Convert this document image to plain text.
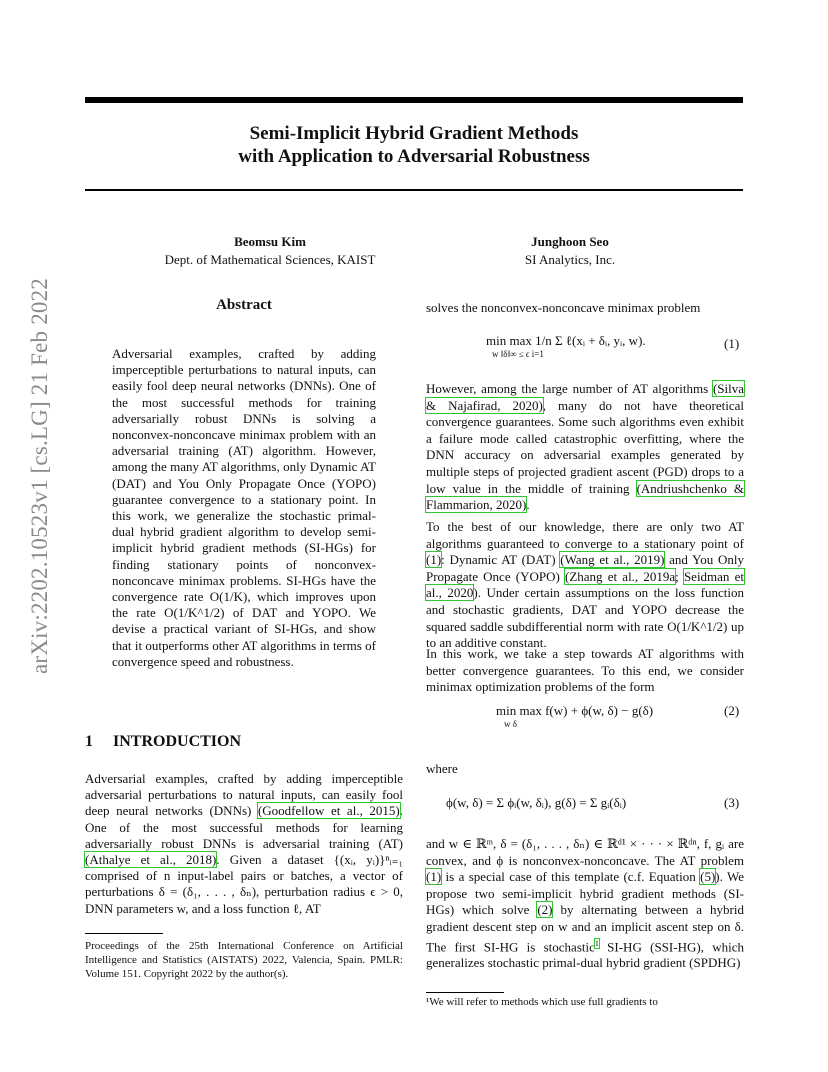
Semi-Implicit Hybrid Gradient Methods
with Application to Adversarial Robustness
Beomsu Kim
Dept. of Mathematical Sciences, KAIST
Junghoon Seo
SI Analytics, Inc.
arXiv:2202.10523v1 [cs.LG] 21 Feb 2022	Abstract

Adversarial examples, crafted by adding imperceptible perturbations to natural inputs, can easily fool deep neural networks (DNNs). One of the most successful methods for training adversarially robust DNNs is solving a nonconvex-nonconcave minimax problem with an adversarial training (AT) algorithm. However, among the many AT algorithms, only Dynamic AT (DAT) and You Only Propagate Once (YOPO) guarantee convergence to a stationary point. In this work, we generalize the stochastic primal-dual hybrid gradient algorithm to develop semi-implicit hybrid gradient methods (SI-HGs) for finding stationary points of nonconvex-nonconcave minimax problems. SI-HGs have the convergence rate O(1/K), which improves upon the rate O(1/K^1/2) of DAT and YOPO. We devise a practical variant of SI-HGs, and show that it outperforms other AT algorithms in terms of convergence speed and robustness.

1 INTRODUCTION

Adversarial examples, crafted by adding imperceptible adversarial perturbations to natural inputs, can easily fool deep neural networks (DNNs) (Goodfellow et al., 2015). One of the most successful methods for learning adversarially robust DNNs is adversarial training (AT) (Athalye et al., 2018). Given a dataset {(xᵢ, yᵢ)}ⁿᵢ₌₁ comprised of n input-label pairs or batches, a vector of perturbations δ = (δ₁, . . . , δₙ), perturbation radius ϵ > 0, DNN parameters w, and a loss function ℓ, AT

Proceedings of the 25th International Conference on Artificial Intelligence and Statistics (AISTATS) 2022, Valencia, Spain. PMLR: Volume 151. Copyright 2022 by the author(s).

solves the nonconvex-nonconcave minimax problem

min max 1/n Σ ℓ(xᵢ + δᵢ, yᵢ, w).
w ‖δ‖∞ ≤ ϵ i=1
(1)

However, among the large number of AT algorithms (Silva & Najafirad, 2020), many do not have theoretical convergence guarantees. Some such algorithms even exhibit a failure mode called catastrophic overfitting, where the DNN accuracy on adversarial examples generated by multiple steps of projected gradient ascent (PGD) drops to a low value in the middle of training (Andriushchenko & Flammarion, 2020).

To the best of our knowledge, there are only two AT algorithms guaranteed to converge to a stationary point of (1): Dynamic AT (DAT) (Wang et al., 2019) and You Only Propagate Once (YOPO) (Zhang et al., 2019a; Seidman et al., 2020). Under certain assumptions on the loss function and stochastic gradients, DAT and YOPO decrease the squared saddle subdifferential norm with rate O(1/K^1/2) up to an additive constant.

In this work, we take a step towards AT algorithms with better convergence guarantees. To this end, we consider minimax optimization problems of the form

min max f(w) + ϕ(w, δ) − g(δ)
w δ
(2)
where
ϕ(w, δ) = Σ ϕᵢ(w, δᵢ), g(δ) = Σ gᵢ(δᵢ)	(3)

and w ∈ ℝᵐ, δ = (δ₁, . . . , δₙ) ∈ ℝᵈ¹ × · · · × ℝᵈⁿ, f, gᵢ are convex, and ϕ is nonconvex-nonconcave. The AT problem (1) is a special case of this template (c.f. Equation (5)). We propose two semi-implicit hybrid gradient methods (SI-HGs) which solve (2) by alternating between a hybrid gradient descent step on w and an implicit ascent step on δ. The first SI-HG is stochastic$^1$ SI-HG (SSI-HG), which generalizes stochastic primal-dual hybrid gradient (SPDHG)

¹We will refer to methods which use full gradients to
